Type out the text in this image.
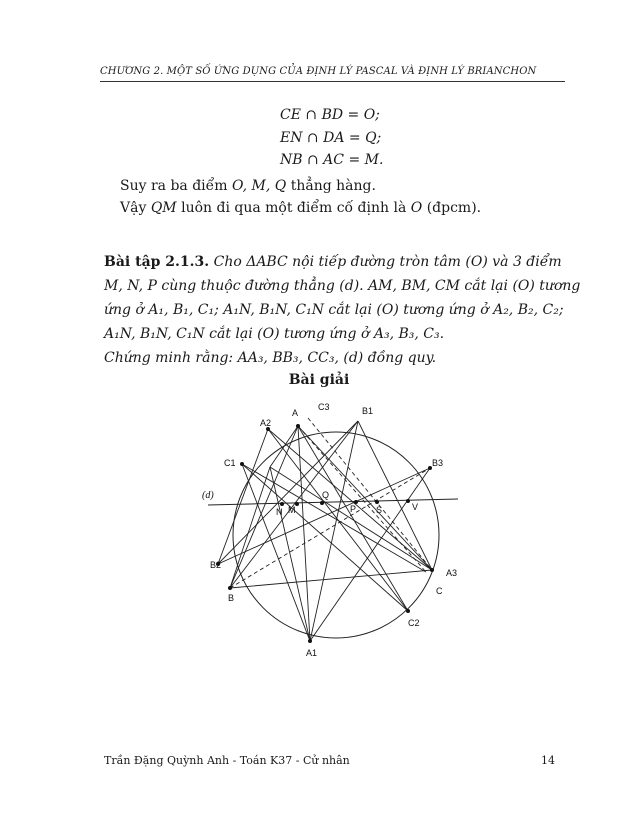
CHƯƠNG 2. MỘT SỐ ỨNG DỤNG CỦA ĐỊNH LÝ PASCAL VÀ ĐỊNH LÝ BRIANCHON
CE ∩ BD = O;
EN ∩ DA = Q;
NB ∩ AC = M.
Suy ra ba điểm O, M, Q thẳng hàng.
Vậy QM luôn đi qua một điểm cố định là O (đpcm).
Bài tập 2.1.3. Cho ΔABC nội tiếp đường tròn tâm (O) và 3 điểm
M, N, P cùng thuộc đường thẳng (d). AM, BM, CM cắt lại (O) tương
ứng ở A₁, B₁, C₁; A₁N, B₁N, C₁N cắt lại (O) tương ứng ở A₂, B₂, C₂;
A₁N, B₁N, C₁N cắt lại (O) tương ứng ở A₃, B₃, C₃.
Chứng minh rằng: AA₃, BB₃, CC₃, (d) đồng quy.
Bài giải
A
C3	B1
A2
C1	B3
(d)	Q
N M	P S	V
B2
A3
B
C
C2
A1
Trần Đặng Quỳnh Anh - Toán K37 - Cử nhân	14
